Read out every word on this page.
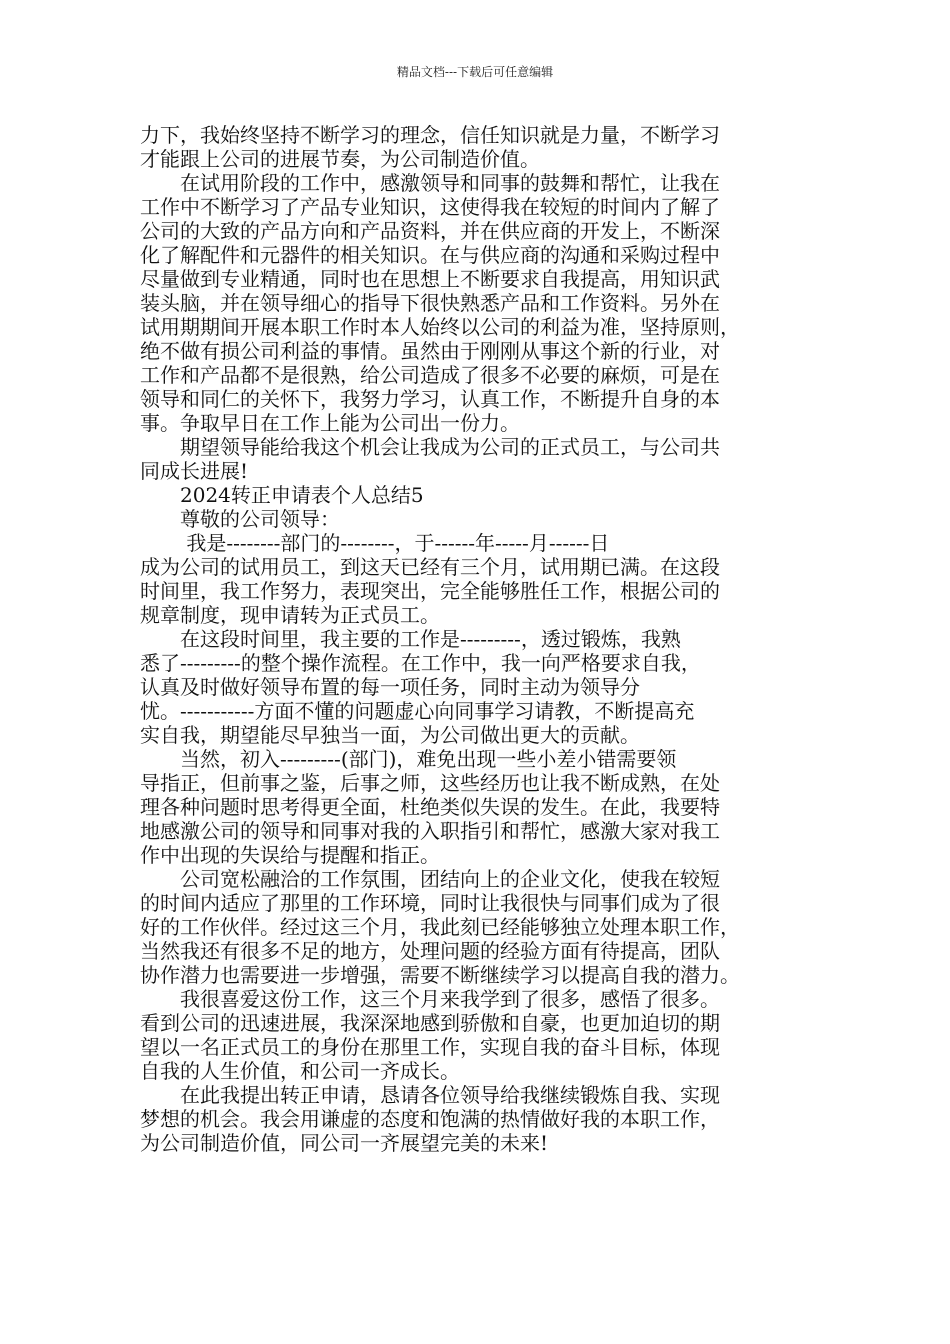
精品文档---下载后可任意编辑
力下，我始终坚持不断学习的理念，信任知识就是力量，不断学习
才能跟上公司的进展节奏，为公司制造价值。
　　在试用阶段的工作中，感激领导和同事的鼓舞和帮忙，让我在
工作中不断学习了产品专业知识，这使得我在较短的时间内了解了
公司的大致的产品方向和产品资料，并在供应商的开发上，不断深
化了解配件和元器件的相关知识。在与供应商的沟通和采购过程中
尽量做到专业精通，同时也在思想上不断要求自我提高，用知识武
装头脑，并在领导细心的指导下很快熟悉产品和工作资料。另外在
试用期期间开展本职工作时本人始终以公司的利益为准，坚持原则，
绝不做有损公司利益的事情。虽然由于刚刚从事这个新的行业，对
工作和产品都不是很熟，给公司造成了很多不必要的麻烦，可是在
领导和同仁的关怀下，我努力学习，认真工作，不断提升自身的本
事。争取早日在工作上能为公司出一份力。
　　期望领导能给我这个机会让我成为公司的正式员工，与公司共
同成长进展!
　　2024转正申请表个人总结5
　　尊敬的公司领导：
　　 我是--------部门的--------，于------年-----月------日
成为公司的试用员工，到这天已经有三个月，试用期已满。在这段
时间里，我工作努力，表现突出，完全能够胜任工作，根据公司的
规章制度，现申请转为正式员工。
　　在这段时间里，我主要的工作是---------，透过锻炼，我熟
悉了---------的整个操作流程。在工作中，我一向严格要求自我，
认真及时做好领导布置的每一项任务，同时主动为领导分
忧。-----------方面不懂的问题虚心向同事学习请教，不断提高充
实自我，期望能尽早独当一面，为公司做出更大的贡献。
　　当然，初入---------(部门)，难免出现一些小差小错需要领
导指正，但前事之鉴，后事之师，这些经历也让我不断成熟，在处
理各种问题时思考得更全面，杜绝类似失误的发生。在此，我要特
地感激公司的领导和同事对我的入职指引和帮忙，感激大家对我工
作中出现的失误给与提醒和指正。
　　公司宽松融洽的工作氛围，团结向上的企业文化，使我在较短
的时间内适应了那里的工作环境，同时让我很快与同事们成为了很
好的工作伙伴。经过这三个月，我此刻已经能够独立处理本职工作，
当然我还有很多不足的地方，处理问题的经验方面有待提高，团队
协作潜力也需要进一步增强，需要不断继续学习以提高自我的潜力。
　　我很喜爱这份工作，这三个月来我学到了很多，感悟了很多。
看到公司的迅速进展，我深深地感到骄傲和自豪，也更加迫切的期
望以一名正式员工的身份在那里工作，实现自我的奋斗目标，体现
自我的人生价值，和公司一齐成长。
　　在此我提出转正申请，恳请各位领导给我继续锻炼自我、实现
梦想的机会。我会用谦虚的态度和饱满的热情做好我的本职工作，
为公司制造价值，同公司一齐展望完美的未来!
